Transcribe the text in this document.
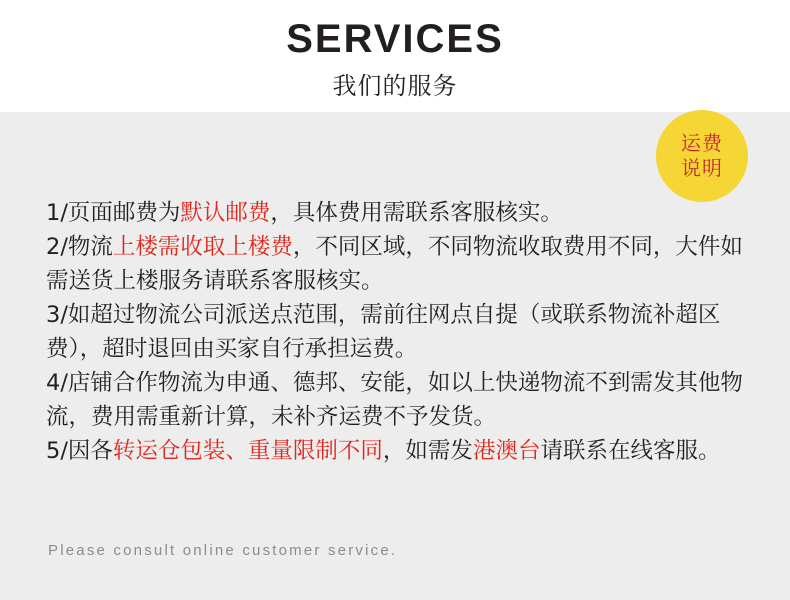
SERVICES
我们的服务
运费
说明

1/页面邮费为默认邮费，具体费用需联系客服核实。

2/物流上楼需收取上楼费，不同区域，不同物流收取费用不同，大件如需送货上楼服务请联系客服核实。

3/如超过物流公司派送点范围，需前往网点自提（或联系物流补超区费），超时退回由买家自行承担运费。

4/店铺合作物流为申通、德邦、安能，如以上快递物流不到需发其他物流，费用需重新计算，未补齐运费不予发货。

5/因各转运仓包装、重量限制不同，如需发港澳台请联系在线客服。

Please consult online customer service.
